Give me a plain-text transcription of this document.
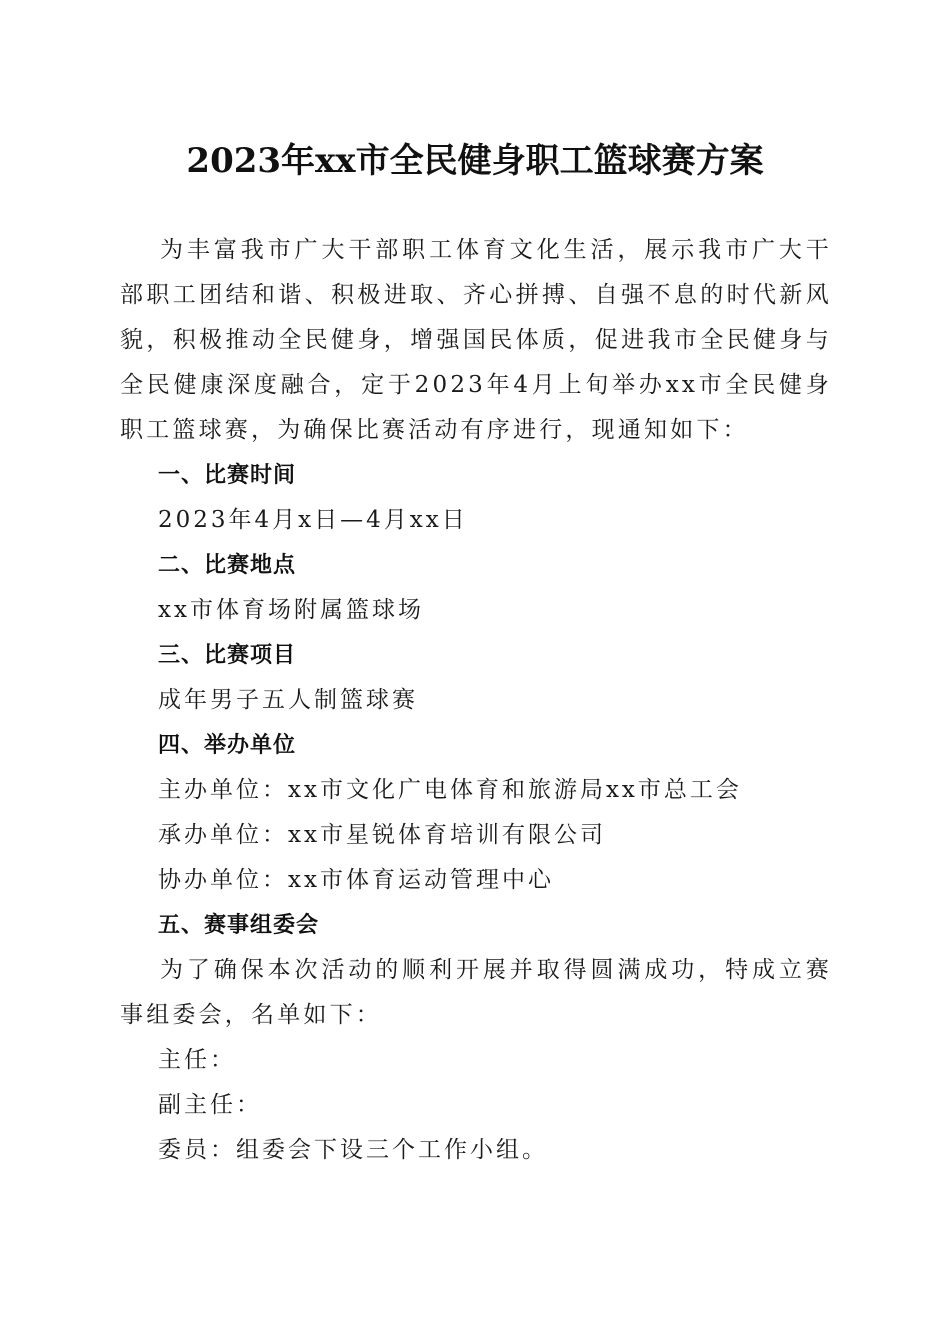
2023年xx市全民健身职工篮球赛方案

为丰富我市广大干部职工体育文化生活，展示我市广大干部职工团结和谐、积极进取、齐心拼搏、自强不息的时代新风貌，积极推动全民健身，增强国民体质，促进我市全民健身与全民健康深度融合，定于2023年4月上旬举办xx市全民健身职工篮球赛，为确保比赛活动有序进行，现通知如下：

一、比赛时间

2023年4月x日—4月xx日

二、比赛地点

xx市体育场附属篮球场

三、比赛项目

成年男子五人制篮球赛

四、举办单位

主办单位：xx市文化广电体育和旅游局xx市总工会

承办单位：xx市星锐体育培训有限公司

协办单位：xx市体育运动管理中心

五、赛事组委会

为了确保本次活动的顺利开展并取得圆满成功，特成立赛事组委会，名单如下：

主任：

副主任：

委员：组委会下设三个工作小组。
